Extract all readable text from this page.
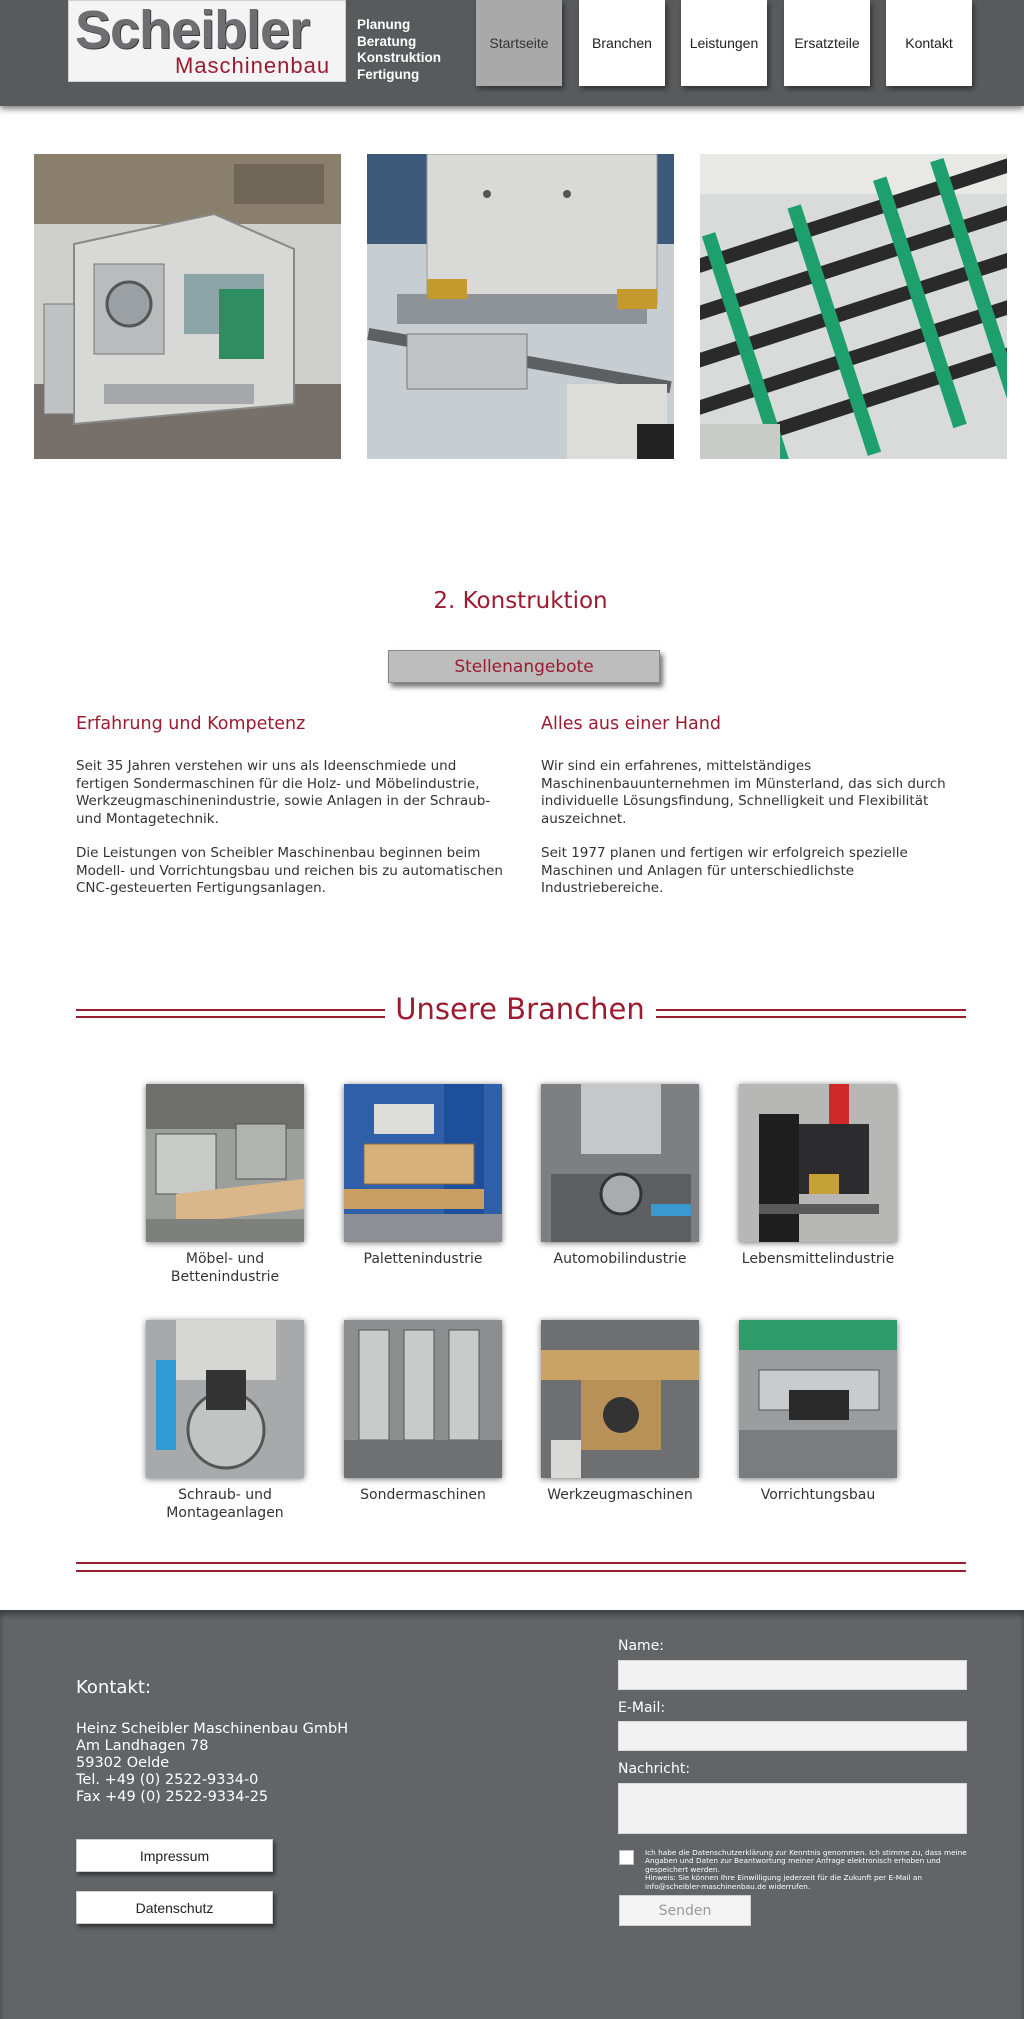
Scheibler
Maschinenbau
Planung
Beratung
Konstruktion
Fertigung
Startseite	Branchen	Leistungen	Ersatzteile	Kontakt
2. Konstruktion
Stellenangebote
Erfahrung und Kompetenz
Seit 35 Jahren verstehen wir uns als Ideenschmiede und
fertigen Sondermaschinen für die Holz- und Möbelindustrie,
Werkzeugmaschinenindustrie, sowie Anlagen in der Schraub-
und Montagetechnik.
Die Leistungen von Scheibler Maschinenbau beginnen beim
Modell- und Vorrichtungsbau und reichen bis zu automatischen
CNC-gesteuerten Fertigungsanlagen.
Alles aus einer Hand
Wir sind ein erfahrenes, mittelständiges
Maschinenbauunternehmen im Münsterland, das sich durch
individuelle Lösungsfindung, Schnelligkeit und Flexibilität
auszeichnet.
Seit 1977 planen und fertigen wir erfolgreich spezielle
Maschinen und Anlagen für unterschiedlichste
Industriebereiche.
Unsere Branchen
Möbel- und
Bettenindustrie
Palettenindustrie	Automobilindustrie	Lebensmittelindustrie
Schraub- und
Montageanlagen
Sondermaschinen	Werkzeugmaschinen	Vorrichtungsbau
Kontakt:
Heinz Scheibler Maschinenbau GmbH
Am Landhagen 78
59302 Oelde
Tel. +49 (0) 2522-9334-0
Fax +49 (0) 2522-9334-25
Impressum
Datenschutz
Name:
E-Mail:
Nachricht:
Ich habe die Datenschutzerklärung zur Kenntnis genommen. Ich stimme zu, dass meine Angaben und Daten zur Beantwortung meiner Anfrage elektronisch erhoben und gespeichert werden.
Hinweis: Sie können Ihre Einwilligung jederzeit für die Zukunft per E-Mail an info@scheibler-maschinenbau.de widerrufen.
Senden
